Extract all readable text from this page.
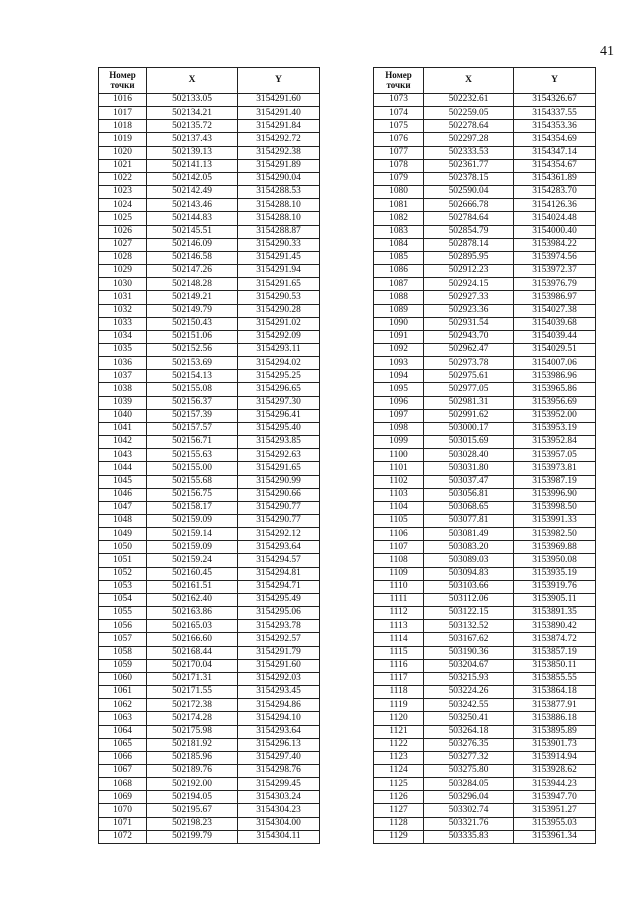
41
Номер
точки	X	Y
1016	502133.05	3154291.60
1017	502134.21	3154291.40
1018	502135.72	3154291.84
1019	502137.43	3154292.72
1020	502139.13	3154292.38
1021	502141.13	3154291.89
1022	502142.05	3154290.04
1023	502142.49	3154288.53
1024	502143.46	3154288.10
1025	502144.83	3154288.10
1026	502145.51	3154288.87
1027	502146.09	3154290.33
1028	502146.58	3154291.45
1029	502147.26	3154291.94
1030	502148.28	3154291.65
1031	502149.21	3154290.53
1032	502149.79	3154290.28
1033	502150.43	3154291.02
1034	502151.06	3154292.09
1035	502152.56	3154293.11
1036	502153.69	3154294.02
1037	502154.13	3154295.25
1038	502155.08	3154296.65
1039	502156.37	3154297.30
1040	502157.39	3154296.41
1041	502157.57	3154295.40
1042	502156.71	3154293.85
1043	502155.63	3154292.63
1044	502155.00	3154291.65
1045	502155.68	3154290.99
1046	502156.75	3154290.66
1047	502158.17	3154290.77
1048	502159.09	3154290.77
1049	502159.14	3154292.12
1050	502159.09	3154293.64
1051	502159.24	3154294.57
1052	502160.45	3154294.81
1053	502161.51	3154294.71
1054	502162.40	3154295.49
1055	502163.86	3154295.06
1056	502165.03	3154293.78
1057	502166.60	3154292.57
1058	502168.44	3154291.79
1059	502170.04	3154291.60
1060	502171.31	3154292.03
1061	502171.55	3154293.45
1062	502172.38	3154294.86
1063	502174.28	3154294.10
1064	502175.98	3154293.64
1065	502181.92	3154296.13
1066	502185.96	3154297.40
1067	502189.76	3154298.76
1068	502192.00	3154299.45
1069	502194.05	3154303.24
1070	502195.67	3154304.23
1071	502198.23	3154304.00
1072	502199.79	3154304.11
Номер
точки	X	Y
1073	502232.61	3154326.67
1074	502259.05	3154337.55
1075	502278.64	3154353.36
1076	502297.28	3154354.69
1077	502333.53	3154347.14
1078	502361.77	3154354.67
1079	502378.15	3154361.89
1080	502590.04	3154283.70
1081	502666.78	3154126.36
1082	502784.64	3154024.48
1083	502854.79	3154000.40
1084	502878.14	3153984.22
1085	502895.95	3153974.56
1086	502912.23	3153972.37
1087	502924.15	3153976.79
1088	502927.33	3153986.97
1089	502923.36	3154027.38
1090	502931.54	3154039.68
1091	502943.70	3154039.44
1092	502962.47	3154029.51
1093	502973.78	3154007.06
1094	502975.61	3153986.96
1095	502977.05	3153965.86
1096	502981.31	3153956.69
1097	502991.62	3153952.00
1098	503000.17	3153953.19
1099	503015.69	3153952.84
1100	503028.40	3153957.05
1101	503031.80	3153973.81
1102	503037.47	3153987.19
1103	503056.81	3153996.90
1104	503068.65	3153998.50
1105	503077.81	3153991.33
1106	503081.49	3153982.50
1107	503083.20	3153969.88
1108	503089.03	3153950.08
1109	503094.83	3153935.19
1110	503103.66	3153919.76
1111	503112.06	3153905.11
1112	503122.15	3153891.35
1113	503132.52	3153890.42
1114	503167.62	3153874.72
1115	503190.36	3153857.19
1116	503204.67	3153850.11
1117	503215.93	3153855.55
1118	503224.26	3153864.18
1119	503242.55	3153877.91
1120	503250.41	3153886.18
1121	503264.18	3153895.89
1122	503276.35	3153901.73
1123	503277.32	3153914.94
1124	503275.80	3153928.62
1125	503284.05	3153944.23
1126	503296.04	3153947.70
1127	503302.74	3153951.27
1128	503321.76	3153955.03
1129	503335.83	3153961.34
